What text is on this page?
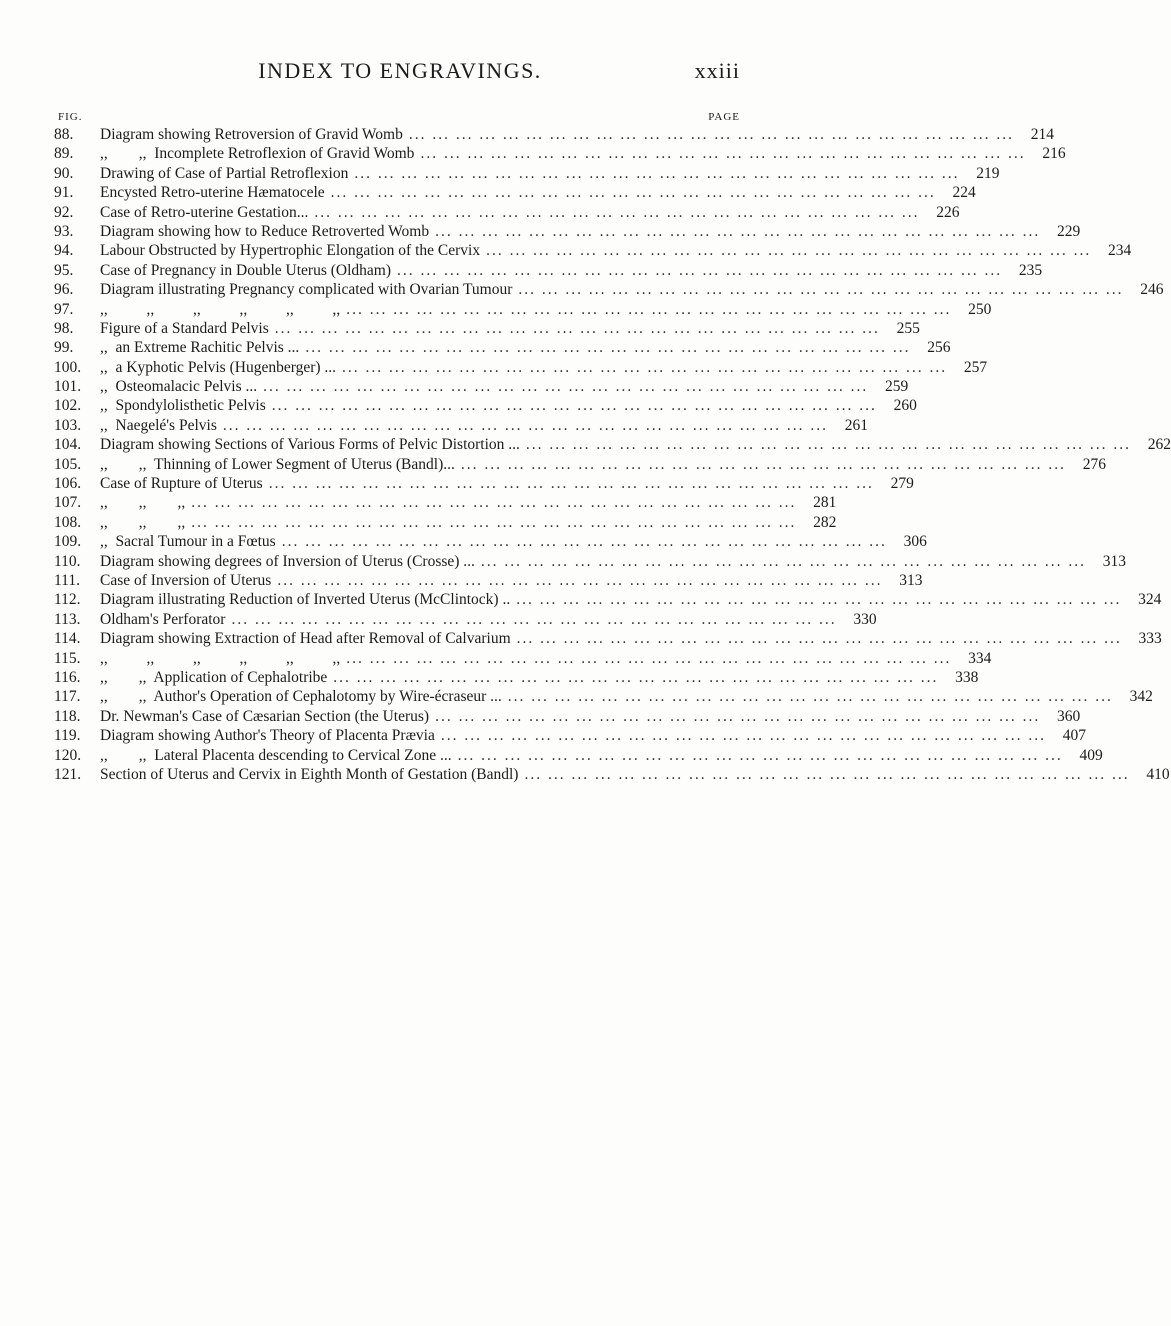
INDEX TO ENGRAVINGS.	xxiii
FIG.	PAGE
88.	Diagram showing Retroversion of Gravid Womb ... .	214
89.	,,        ,,  Incomplete Retroflexion of Gravid Womb ... .	216
90.	Drawing of Case of Partial Retroflexion ... .	219
91.	Encysted Retro-uterine Hæmatocele ... .	224
92.	Case of Retro-uterine Gestation... ... .	226
93.	Diagram showing how to Reduce Retroverted Womb ... .	229
94.	Labour Obstructed by Hypertrophic Elongation of the Cervix ... .	234
95.	Case of Pregnancy in Double Uterus (Oldham) ... .	235
96.	Diagram illustrating Pregnancy complicated with Ovarian Tumour ... .	246
97.	,,          ,,          ,,          ,,          ,,          ,, ... .	250
98.	Figure of a Standard Pelvis ... .	255
99.	,,  an Extreme Rachitic Pelvis ... ... .	256
100.	,,  a Kyphotic Pelvis (Hugenberger) ... ... .	257
101.	,,  Osteomalacic Pelvis ... ... .	259
102.	,,  Spondylolisthetic Pelvis ... .	260
103.	,,  Naegelé's Pelvis ... .	261
104.	Diagram showing Sections of Various Forms of Pelvic Distortion ... ... .	262
105.	,,        ,,  Thinning of Lower Segment of Uterus (Bandl)... ... .	276
106.	Case of Rupture of Uterus ... .	279
107.	,,        ,,        ,, ... .	281
108.	,,        ,,        ,, ... .	282
109.	,,  Sacral Tumour in a Fœtus ... .	306
110.	Diagram showing degrees of Inversion of Uterus (Crosse) ... ... .	313
111.	Case of Inversion of Uterus ... .	313
112.	Diagram illustrating Reduction of Inverted Uterus (McClintock) .. ... .	324
113.	Oldham's Perforator ... .	330
114.	Diagram showing Extraction of Head after Removal of Calvarium ... .	333
115.	,,          ,,          ,,          ,,          ,,          ,, ... .	334
116.	,,        ,,  Application of Cephalotribe ... .	338
117.	,,        ,,  Author's Operation of Cephalotomy by Wire-écraseur ... ... .	342
118.	Dr. Newman's Case of Cæsarian Section (the Uterus) ... .	360
119.	Diagram showing Author's Theory of Placenta Prævia ... .	407
120.	,,        ,,  Lateral Placenta descending to Cervical Zone ... ... .	409
121.	Section of Uterus and Cervix in Eighth Month of Gestation (Bandl) ... .	410
